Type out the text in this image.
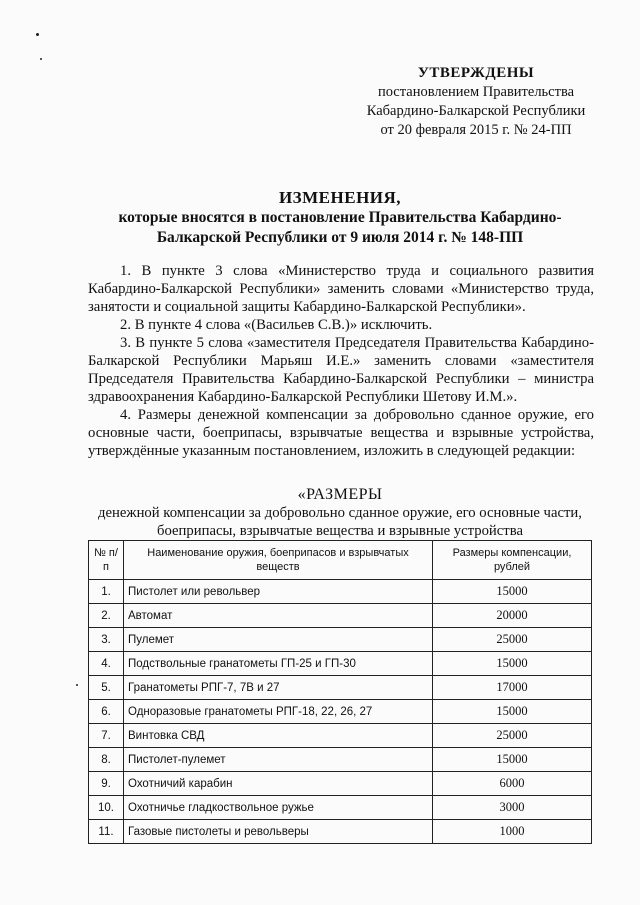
УТВЕРЖДЕНЫ
постановлением Правительства
Кабардино-Балкарской Республики
от 20 февраля 2015 г. № 24-ПП
ИЗМЕНЕНИЯ,
которые вносятся в постановление Правительства Кабардино-
Балкарской Республики от 9 июля 2014 г. № 148-ПП

1. В пункте 3 слова «Министерство труда и социального развития Кабардино-Балкарской Республики» заменить словами «Министерство труда, занятости и социальной защиты Кабардино-Балкарской Республики».

2. В пункте 4 слова «(Васильев С.В.)» исключить.

3. В пункте 5 слова «заместителя Председателя Правительства Кабардино-Балкарской Республики Марьяш И.Е.» заменить словами «заместителя Председателя Правительства Кабардино-Балкарской Республики – министра здравоохранения Кабардино-Балкарской Республики Шетову И.М.».

4. Размеры денежной компенсации за добровольно сданное оружие, его основные части, боеприпасы, взрывчатые вещества и взрывные устройства, утверждённые указанным постановлением, изложить в следующей редакции:

«РАЗМЕРЫ
денежной компенсации за добровольно сданное оружие, его основные части,
боеприпасы, взрывчатые вещества и взрывные устройства
№ п/п	Наименование оружия, боеприпасов и взрывчатых веществ	Размеры компенсации, рублей
1.	Пистолет или револьвер	15000
2.	Автомат	20000
3.	Пулемет	25000
4.	Подствольные гранатометы ГП-25 и ГП-30	15000
5.	Гранатометы РПГ-7, 7В и 27	17000
6.	Одноразовые гранатометы РПГ-18, 22, 26, 27	15000
7.	Винтовка СВД	25000
8.	Пистолет-пулемет	15000
9.	Охотничий карабин	6000
10.	Охотничье гладкоствольное ружье	3000
11.	Газовые пистолеты и револьверы	1000
